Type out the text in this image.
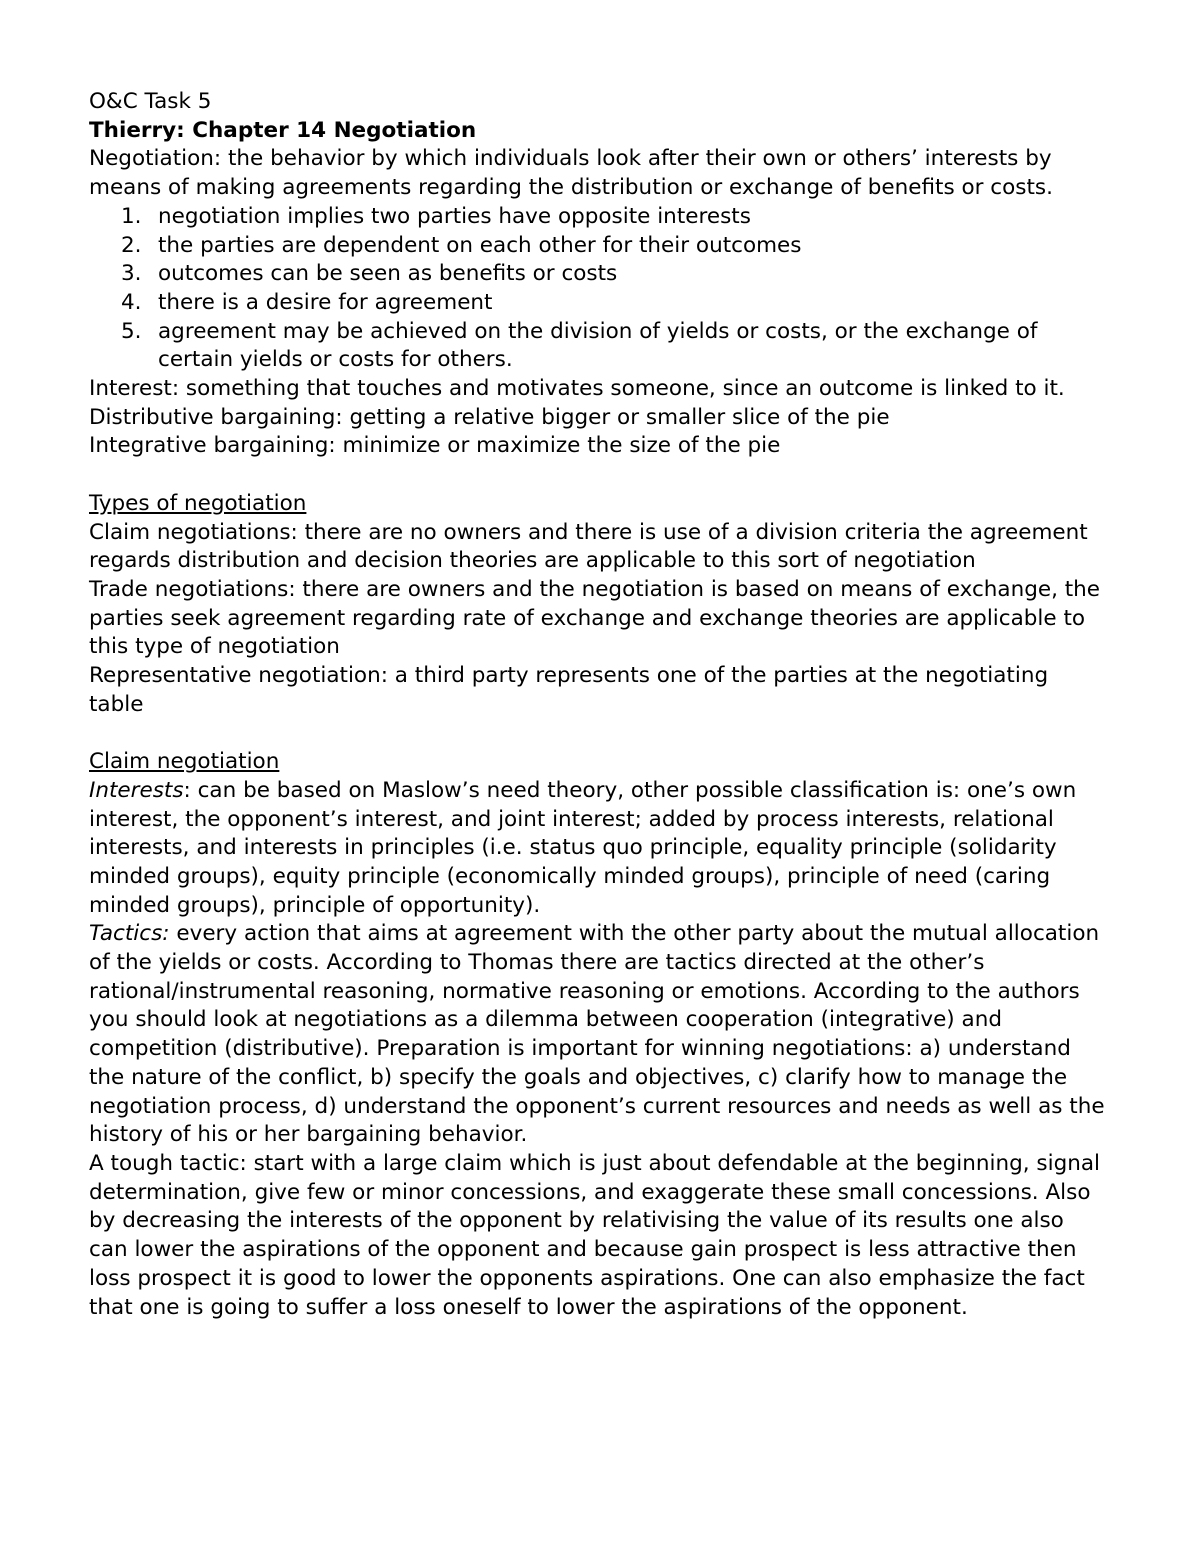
O&C Task 5

Thierry: Chapter 14 Negotiation

Negotiation: the behavior by which individuals look after their own or others’ interests by means of making agreements regarding the distribution or exchange of benefits or costs.

1. negotiation implies two parties have opposite interests
2. the parties are dependent on each other for their outcomes
3. outcomes can be seen as benefits or costs
4. there is a desire for agreement
5. agreement may be achieved on the division of yields or costs, or the exchange of certain yields or costs for others.

Interest: something that touches and motivates someone, since an outcome is linked to it.

Distributive bargaining: getting a relative bigger or smaller slice of the pie

Integrative bargaining: minimize or maximize the size of the pie

Types of negotiation

Claim negotiations: there are no owners and there is use of a division criteria the agreement regards distribution and decision theories are applicable to this sort of negotiation

Trade negotiations: there are owners and the negotiation is based on means of exchange, the parties seek agreement regarding rate of exchange and exchange theories are applicable to this type of negotiation

Representative negotiation: a third party represents one of the parties at the negotiating table

Claim negotiation

Interests: can be based on Maslow’s need theory, other possible classification is: one’s own interest, the opponent’s interest, and joint interest; added by process interests, relational interests, and interests in principles (i.e. status quo principle, equality principle (solidarity minded groups), equity principle (economically minded groups), principle of need (caring minded groups), principle of opportunity).

Tactics: every action that aims at agreement with the other party about the mutual allocation of the yields or costs. According to Thomas there are tactics directed at the other’s rational/instrumental reasoning, normative reasoning or emotions. According to the authors you should look at negotiations as a dilemma between cooperation (integrative) and competition (distributive). Preparation is important for winning negotiations: a) understand the nature of the conflict, b) specify the goals and objectives, c) clarify how to manage the negotiation process, d) understand the opponent’s current resources and needs as well as the history of his or her bargaining behavior.

A tough tactic: start with a large claim which is just about defendable at the beginning, signal determination, give few or minor concessions, and exaggerate these small concessions. Also by decreasing the interests of the opponent by relativising the value of its results one also can lower the aspirations of the opponent and because gain prospect is less attractive then loss prospect it is good to lower the opponents aspirations. One can also emphasize the fact that one is going to suffer a loss oneself to lower the aspirations of the opponent.
